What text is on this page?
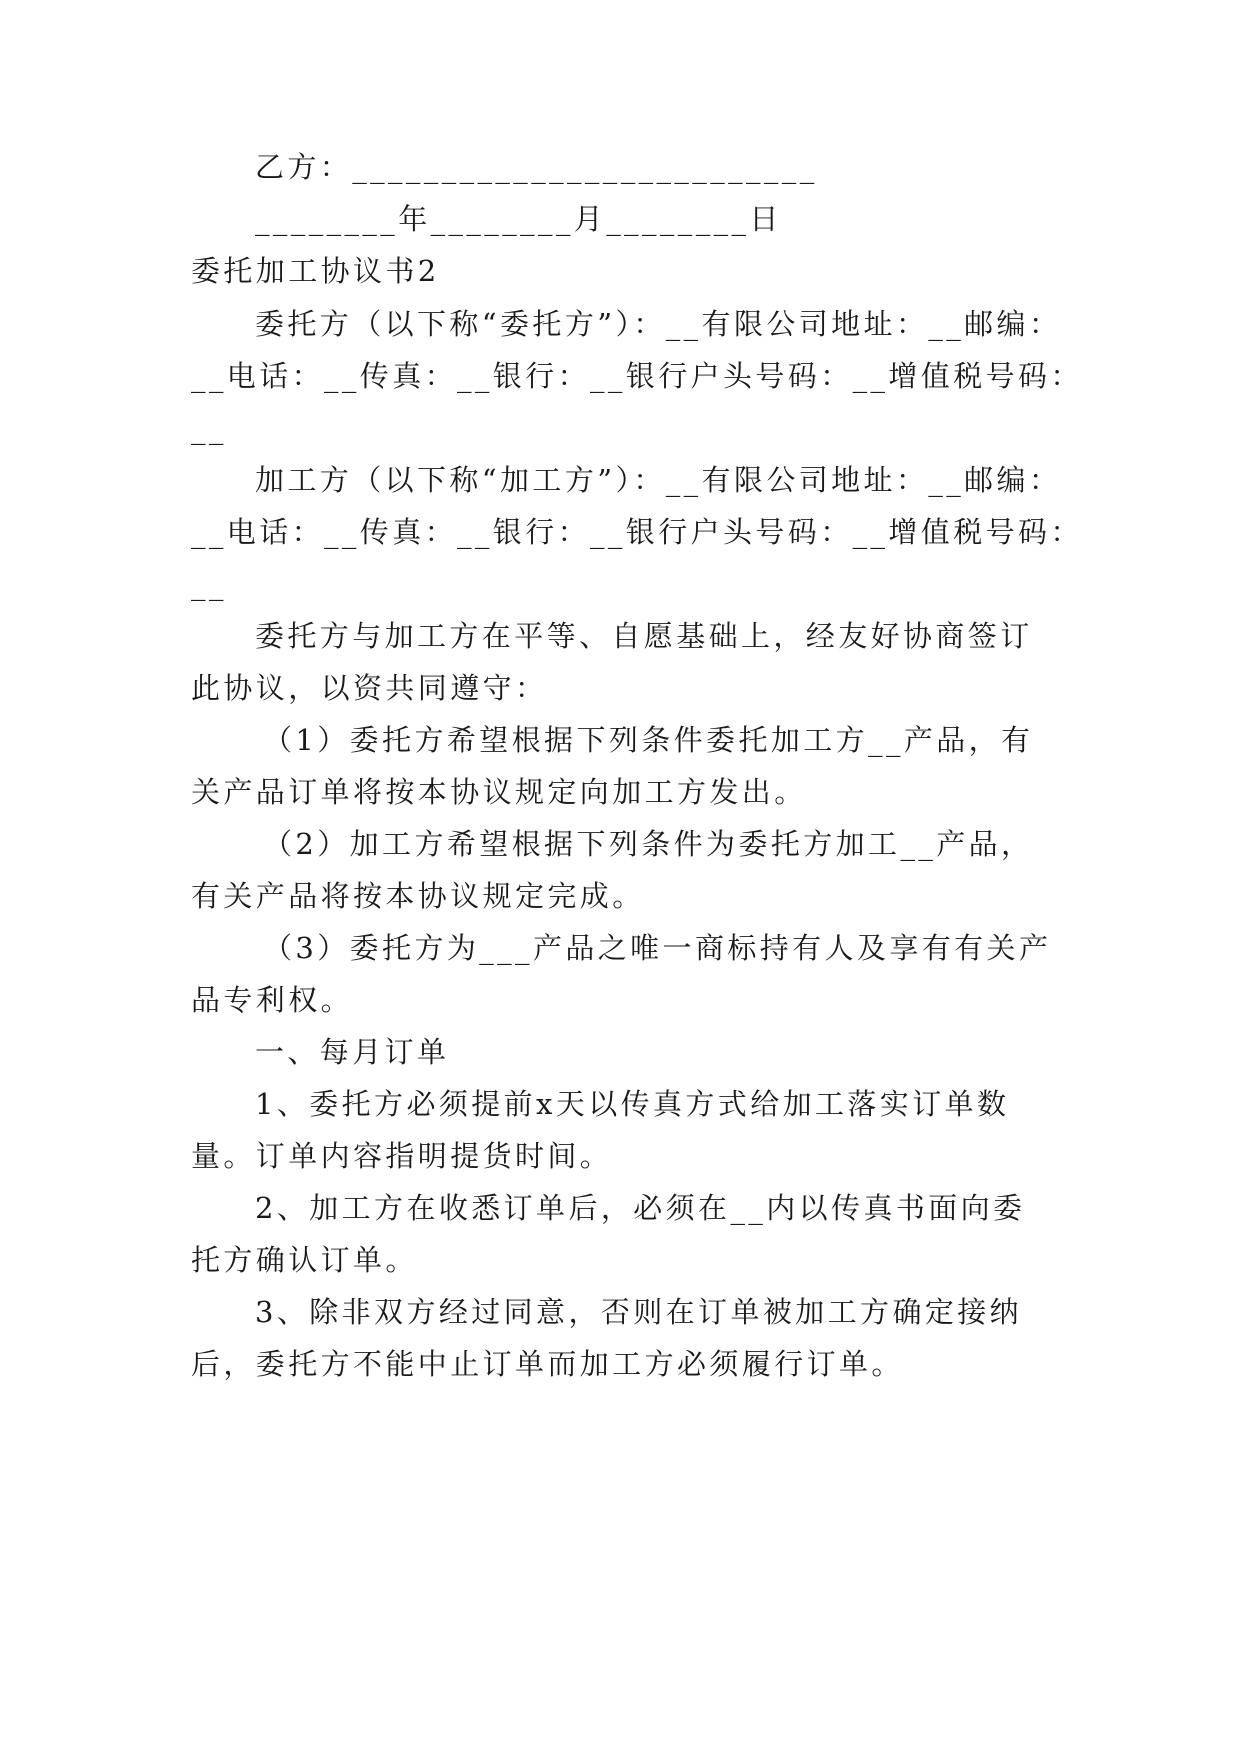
乙方：__________________________
________年________月________日
委托加工协议书2
委托方（以下称“委托方”）：__有限公司地址：__邮编：
__电话：__传真：__银行：__银行户头号码：__增值税号码：
__
加工方（以下称“加工方”）：__有限公司地址：__邮编：
__电话：__传真：__银行：__银行户头号码：__增值税号码：
__
委托方与加工方在平等、自愿基础上，经友好协商签订
此协议，以资共同遵守：
（1）委托方希望根据下列条件委托加工方__产品，有
关产品订单将按本协议规定向加工方发出。
（2）加工方希望根据下列条件为委托方加工__产品，
有关产品将按本协议规定完成。
（3）委托方为___产品之唯一商标持有人及享有有关产
品专利权。
一、每月订单
1、委托方必须提前x天以传真方式给加工落实订单数
量。订单内容指明提货时间。
2、加工方在收悉订单后，必须在__内以传真书面向委
托方确认订单。
3、除非双方经过同意，否则在订单被加工方确定接纳
后，委托方不能中止订单而加工方必须履行订单。
